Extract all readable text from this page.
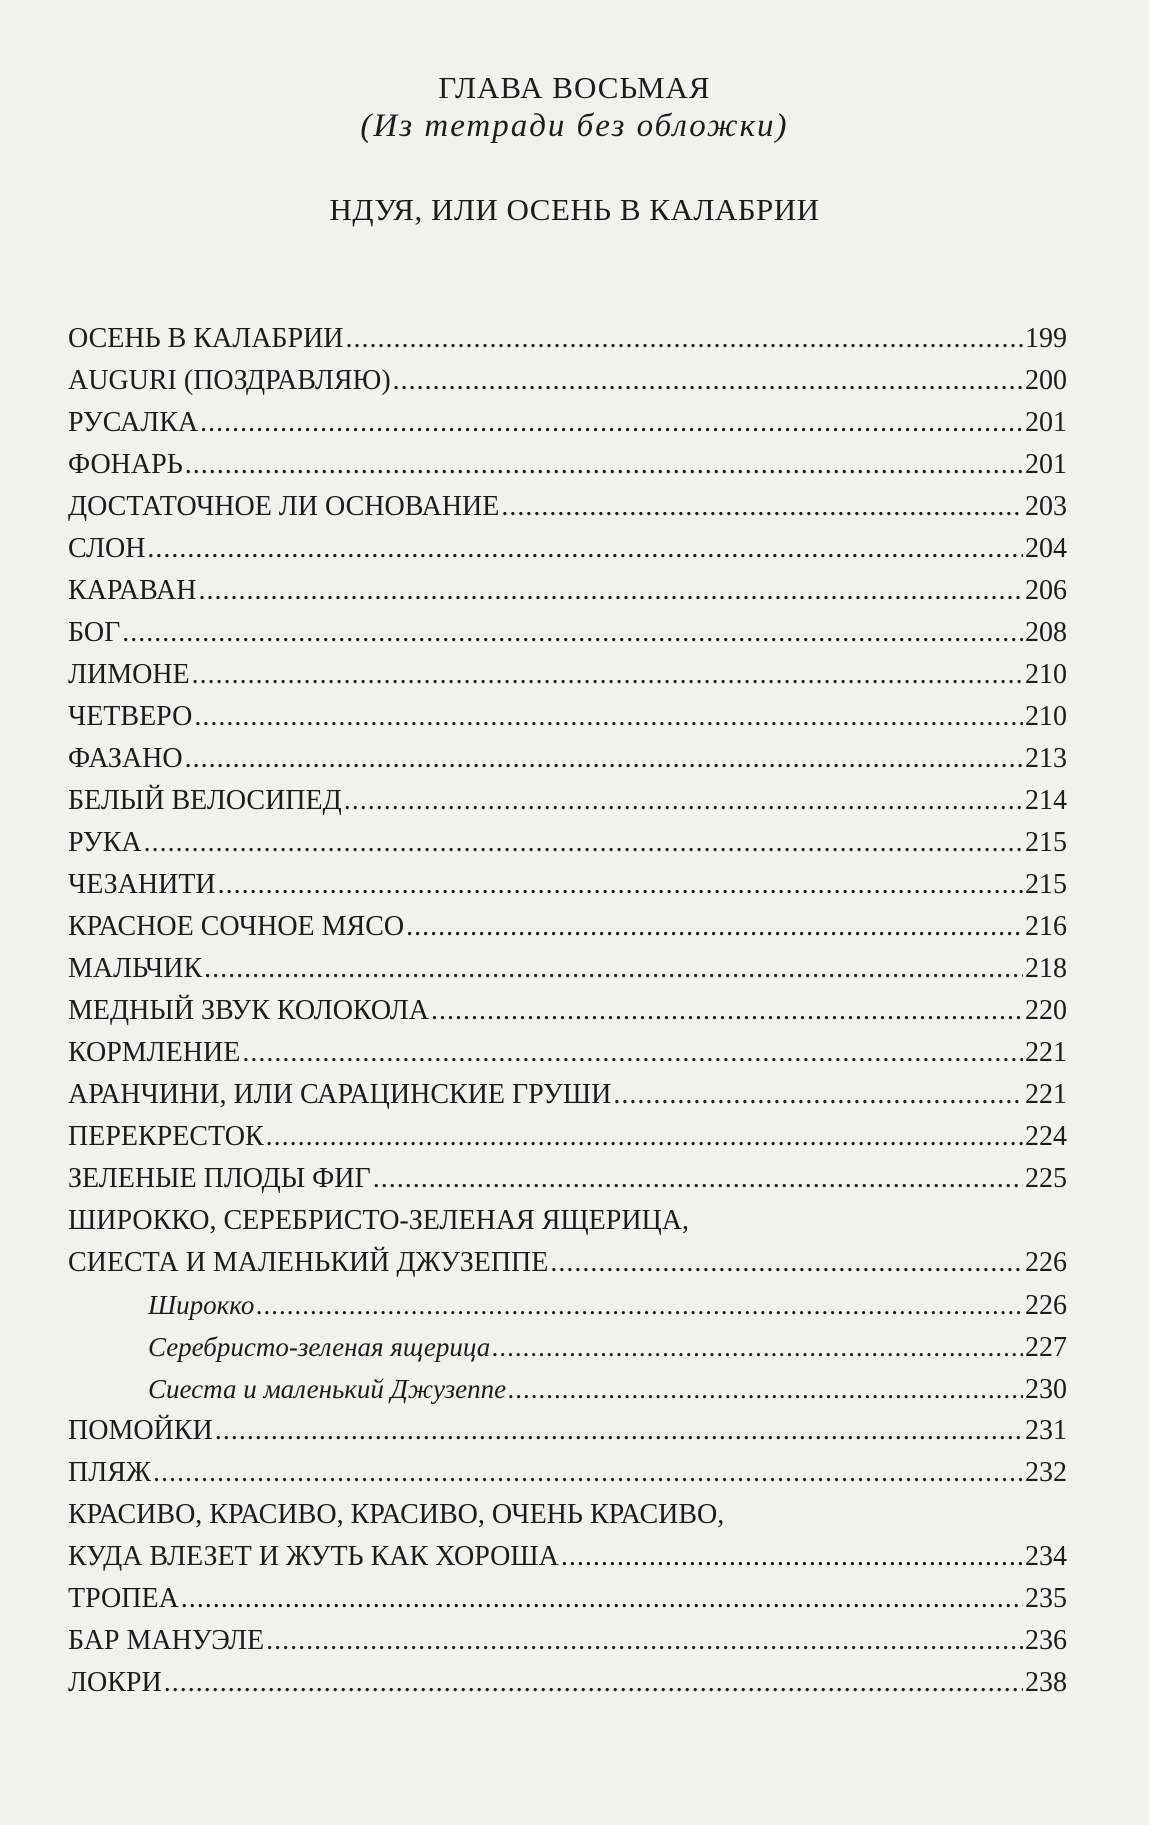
ГЛАВА ВОСЬМАЯ
(Из тетради без обложки)
НДУЯ, ИЛИ ОСЕНЬ В КАЛАБРИИ
ОСЕНЬ В КАЛАБРИИ .....	199
AUGURI (ПОЗДРАВЛЯЮ) .....	200
РУСАЛКА .....	201
ФОНАРЬ .....	201
ДОСТАТОЧНОЕ ЛИ ОСНОВАНИЕ .....	203
СЛОН .....	204
КАРАВАН .....	206
БОГ .....	208
ЛИМОНЕ .....	210
ЧЕТВЕРО .....	210
ФАЗАНО .....	213
БЕЛЫЙ ВЕЛОСИПЕД .....	214
РУКА .....	215
ЧЕЗАНИТИ .....	215
КРАСНОЕ СОЧНОЕ МЯСО .....	216
МАЛЬЧИК .....	218
МЕДНЫЙ ЗВУК КОЛОКОЛА .....	220
КОРМЛЕНИЕ .....	221
АРАНЧИНИ, ИЛИ САРАЦИНСКИЕ ГРУШИ .....	221
ПЕРЕКРЕСТОК .....	224
ЗЕЛЕНЫЕ ПЛОДЫ ФИГ .....	225
ШИРОККО, СЕРЕБРИСТО-ЗЕЛЕНАЯ ЯЩЕРИЦА,
СИЕСТА И МАЛЕНЬКИЙ ДЖУЗЕППЕ .....	226
Широкко .....	226
Серебристо-зеленая ящерица .....	227
Сиеста и маленький Джузеппе .....	230
ПОМОЙКИ .....	231
ПЛЯЖ .....	232
КРАСИВО, КРАСИВО, КРАСИВО, ОЧЕНЬ КРАСИВО,
КУДА ВЛЕЗЕТ И ЖУТЬ КАК ХОРОША .....	234
ТРОПЕА .....	235
БАР МАНУЭЛЕ .....	236
ЛОКРИ .....	238
